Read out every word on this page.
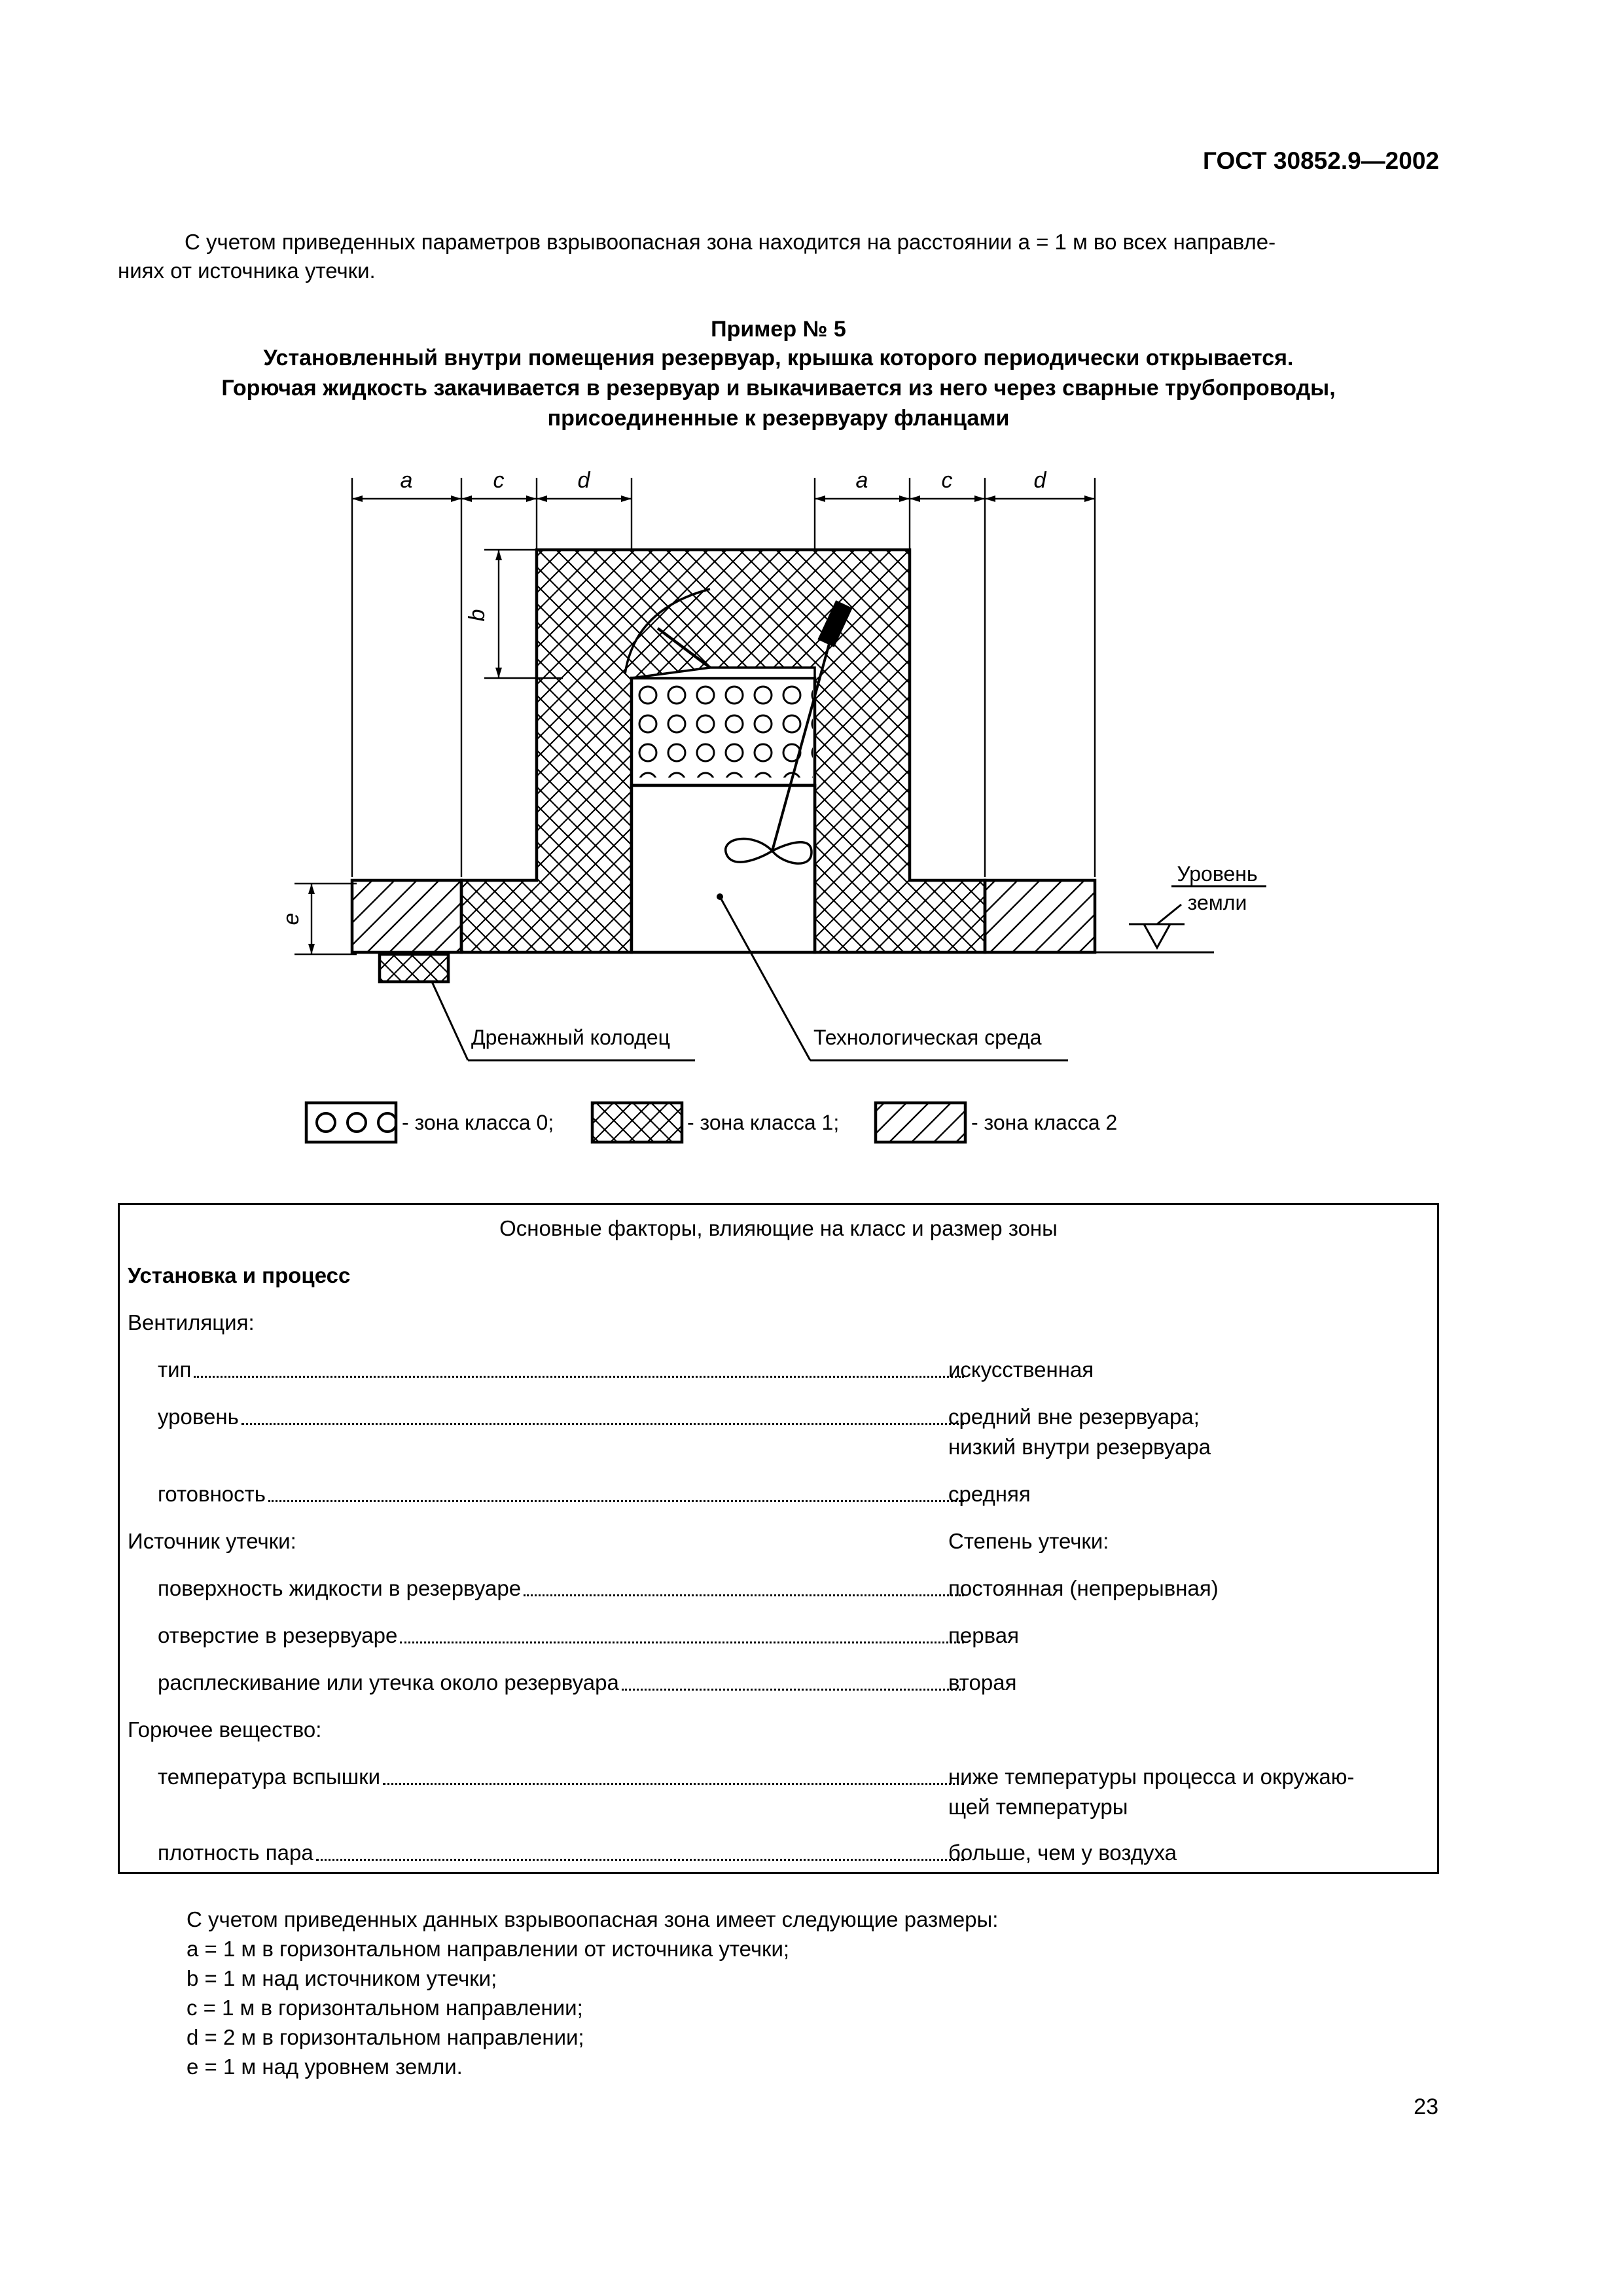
ГОСТ 30852.9—2002
С учетом приведенных параметров взрывоопасная зона находится на расстоянии a = 1 м во всех направле-
ниях от источника утечки.
Пример № 5
Установленный внутри помещения резервуар, крышка которого периодически открывается.
Горючая жидкость закачивается в резервуар и выкачивается из него через сварные трубопроводы,
присоединенные к резервуару фланцами
a	c	d	a	c	d
b
e
Уровень
земли
Дренажный колодец	Технологическая среда
- зона класса 0;	- зона класса 1;	- зона класса 2
Основные факторы, влияющие на класс и размер зоны
Установка и процесс
Вентиляция:
тип	искусственная
уровень	средний вне резервуара;
низкий внутри резервуара
готовность	средняя
Источник утечки:	Степень утечки:
поверхность жидкости в резервуаре	постоянная (непрерывная)
отверстие в резервуаре	первая
расплескивание или утечка около резервуара	вторая
Горючее вещество:
температура вспышки	ниже температуры процесса и окружаю-
щей температуры
плотность пара	больше, чем у воздуха
С учетом приведенных данных взрывоопасная зона имеет следующие размеры:
a = 1 м в горизонтальном направлении от источника утечки;
b = 1 м над источником утечки;
c = 1 м в горизонтальном направлении;
d = 2 м в горизонтальном направлении;
e = 1 м над уровнем земли.
23
